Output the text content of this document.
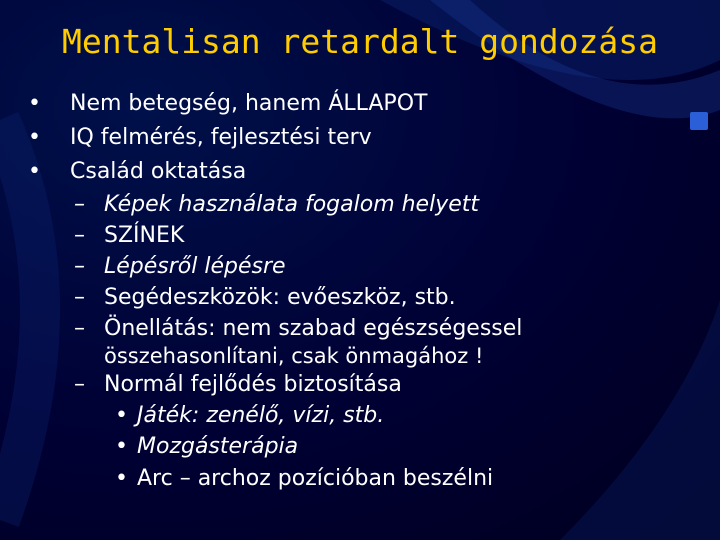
Mentalisan retardalt gondozása
• Nem betegség, hanem ÁLLAPOT
• IQ felmérés, fejlesztési terv
• Család oktatása
– Képek használata fogalom helyett
– SZÍNEK
– Lépésről lépésre
– Segédeszközök: evőeszköz, stb.
– Önellátás: nem szabad egészségessel
összehasonlítani, csak önmagához !
– Normál fejlődés biztosítása
• Játék: zenélő, vízi, stb.
• Mozgásterápia
• Arc – archoz pozícióban beszélni
